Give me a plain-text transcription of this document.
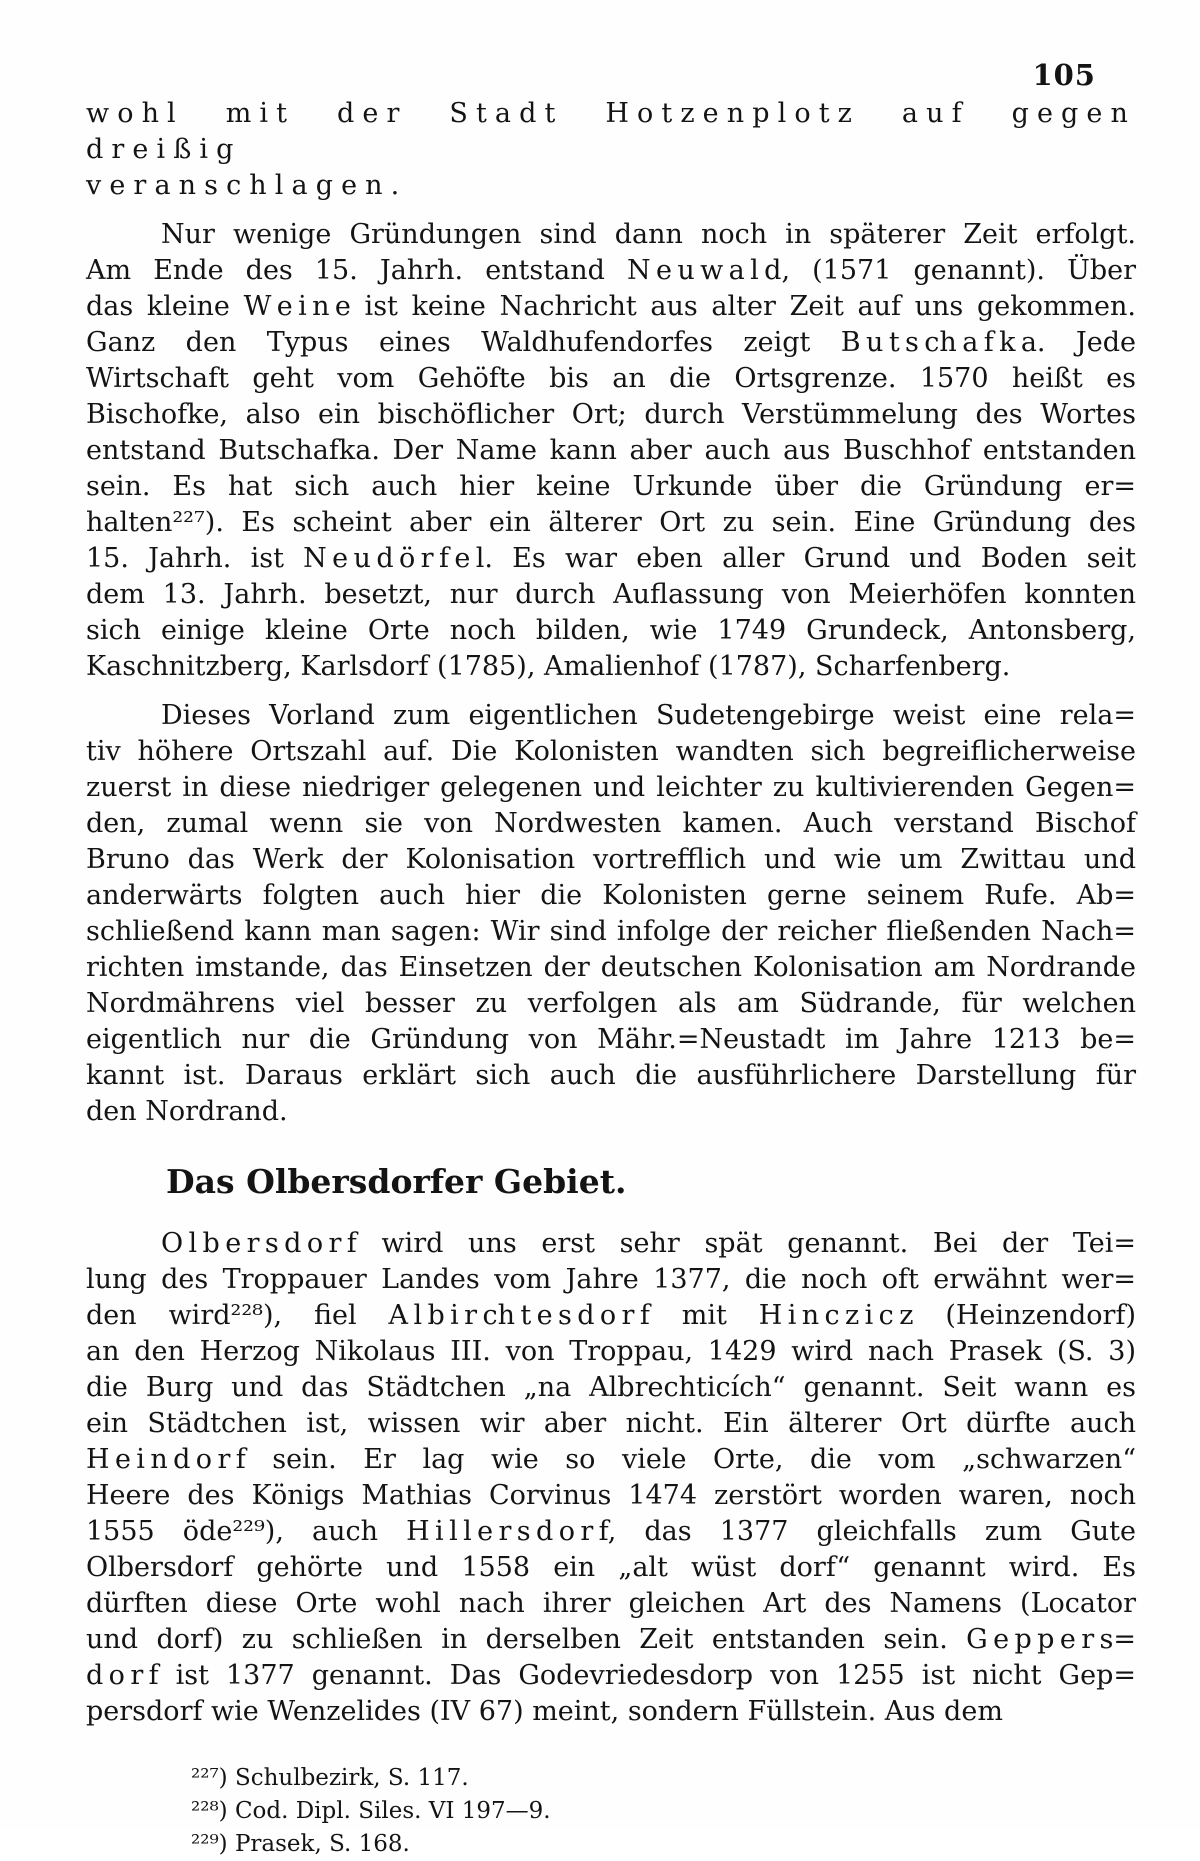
105
wohl mit der Stadt Hotzenplotz auf gegen dreißig
veranschlagen.
Nur wenige Gründungen sind dann noch in späterer Zeit erfolgt.
Am Ende des 15. Jahrh. entstand N e u w a l d, (1571 genannt). Über
das kleine W e i n e ist keine Nachricht aus alter Zeit auf uns gekommen.
Ganz den Typus eines Waldhufendorfes zeigt B u t s ch a f k a. Jede
Wirtschaft geht vom Gehöfte bis an die Ortsgrenze. 1570 heißt es
Bischofke, also ein bischöflicher Ort; durch Verstümmelung des Wortes
entstand Butschafka. Der Name kann aber auch aus Buschhof entstanden
sein. Es hat sich auch hier keine Urkunde über die Gründung er=
halten²²⁷). Es scheint aber ein älterer Ort zu sein. Eine Gründung des
15. Jahrh. ist N e u d ö r f e l. Es war eben aller Grund und Boden seit
dem 13. Jahrh. besetzt, nur durch Auflassung von Meierhöfen konnten
sich einige kleine Orte noch bilden, wie 1749 Grundeck, Antonsberg,
Kaschnitzberg, Karlsdorf (1785), Amalienhof (1787), Scharfenberg.
Dieses Vorland zum eigentlichen Sudetengebirge weist eine rela=
tiv höhere Ortszahl auf. Die Kolonisten wandten sich begreiflicherweise
zuerst in diese niedriger gelegenen und leichter zu kultivierenden Gegen=
den, zumal wenn sie von Nordwesten kamen. Auch verstand Bischof
Bruno das Werk der Kolonisation vortrefflich und wie um Zwittau und
anderwärts folgten auch hier die Kolonisten gerne seinem Rufe. Ab=
schließend kann man sagen: Wir sind infolge der reicher fließenden Nach=
richten imstande, das Einsetzen der deutschen Kolonisation am Nordrande
Nordmährens viel besser zu verfolgen als am Südrande, für welchen
eigentlich nur die Gründung von Mähr.=Neustadt im Jahre 1213 be=
kannt ist. Daraus erklärt sich auch die ausführlichere Darstellung für
den Nordrand.
Das Olbersdorfer Gebiet.
O l b e r s d o r f wird uns erst sehr spät genannt. Bei der Tei=
lung des Troppauer Landes vom Jahre 1377, die noch oft erwähnt wer=
den wird²²⁸), fiel A l b i r ch t e s d o r f mit H i n c z i c z (Heinzendorf)
an den Herzog Nikolaus III. von Troppau, 1429 wird nach Prasek (S. 3)
die Burg und das Städtchen „na Albrechticích“ genannt. Seit wann es
ein Städtchen ist, wissen wir aber nicht. Ein älterer Ort dürfte auch
H e i n d o r f sein. Er lag wie so viele Orte, die vom „schwarzen“
Heere des Königs Mathias Corvinus 1474 zerstört worden waren, noch
1555 öde²²⁹), auch H i l l e r s d o r f, das 1377 gleichfalls zum Gute
Olbersdorf gehörte und 1558 ein „alt wüst dorf“ genannt wird. Es
dürften diese Orte wohl nach ihrer gleichen Art des Namens (Locator
und dorf) zu schließen in derselben Zeit entstanden sein. G e p p e r s=
d o r f ist 1377 genannt. Das Godevriedesdorp von 1255 ist nicht Gep=
persdorf wie Wenzelides (IV 67) meint, sondern Füllstein. Aus dem
²²⁷) Schulbezirk, S. 117.
²²⁸) Cod. Dipl. Siles. VI 197—9.
²²⁹) Prasek, S. 168.
